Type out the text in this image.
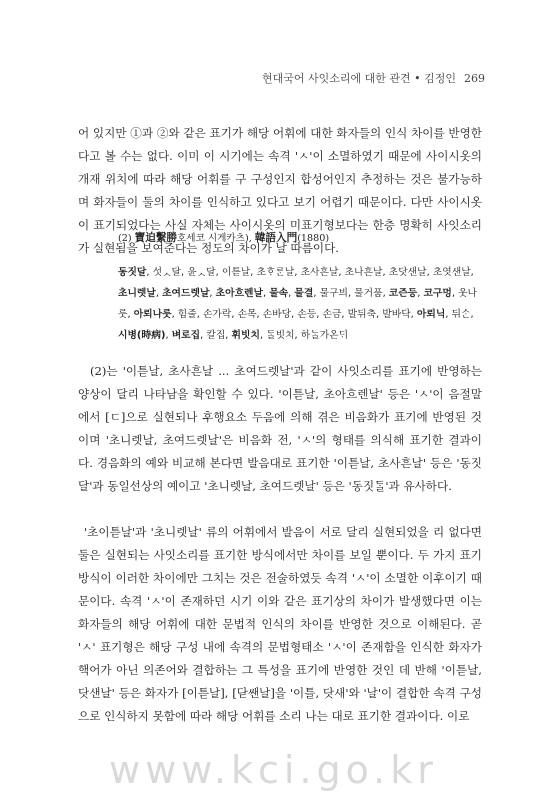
현대국어 사잇소리에 대한 관견 • 김정인 269

어 있지만 ①과 ②와 같은 표기가 해당 어휘에 대한 화자들의 인식 차이를 반영한다고 볼 수는 없다. 이미 이 시기에는 속격 'ㅅ'이 소멸하였기 때문에 사이시옷의 개재 위치에 따라 해당 어휘를 구 구성인지 합성어인지 추정하는 것은 불가능하며 화자들이 둘의 차이를 인식하고 있다고 보기 어렵기 때문이다. 다만 사이시옷이 표기되었다는 사실 자체는 사이시옷의 미표기형보다는 한층 명확히 사잇소리가 실현됨을 보여준다는 정도의 차이가 날 따름이다.

(2) 寶迫繫勝호세코 시게카츠), 韓語入門(1880)

동짓달, 섯ᆺ달, 윤ᆺ달, 이튿날, 초ᄒᆞᄅᆞᆫ날, 초사흔날, 초나흔날, 초닷샌날, 초엿샌날, 초니렛날, 초여드렛날, 초아흐렌날, 물속, 물결, 물구븨, 물거품, 코즌등, 코구멍, 웃나룻, 아뢰나룻, 힘줄, 손가락, 손목, 손바당, 손등, 손금, 발뒤축, 발바닥, 아뢰닉, 뒤ᄉᆞᆫ, 시병(時病), 벼로집, 칼집, 휘빗치, ᄃᆞᆯ빗치, 하ᄂᆞᆯ가온ᄃᆡ

(2)는 '이튿날, 초사흔날 ... 초여드렛날'과 같이 사잇소리를 표기에 반영하는 양상이 달리 나타남을 확인할 수 있다. '이튿날, 초아흐렌날' 등은 'ㅅ'이 음절말에서 [ㄷ]으로 실현되나 후행요소 두음에 의해 겪은 비음화가 표기에 반영된 것이며 '초니렛날, 초여드렛날'은 비음화 전, 'ㅅ'의 형태를 의식해 표기한 결과이다. 경음화의 예와 비교해 본다면 발음대로 표기한 '이튿날, 초사흔날' 등은 '동짓달'과 동일선상의 예이고 '초니렛날, 초여드렛날' 등은 '동짓ᄃᆞᆯ'과 유사하다.

'초이튿날'과 '초니렛날' 류의 어휘에서 발음이 서로 달리 실현되었을 리 없다면 둘은 실현되는 사잇소리를 표기한 방식에서만 차이를 보일 뿐이다. 두 가지 표기 방식이 이러한 차이에만 그치는 것은 전술하였듯 속격 'ㅅ'이 소멸한 이후이기 때문이다. 속격 'ㅅ'이 존재하던 시기 이와 같은 표기상의 차이가 발생했다면 이는 화자들의 해당 어휘에 대한 문법적 인식의 차이를 반영한 것으로 이해된다. 곧 'ㅅ' 표기형은 해당 구성 내에 속격의 문법형태소 'ㅅ'이 존재함을 인식한 화자가 핵어가 아닌 의존어와 결합하는 그 특성을 표기에 반영한 것인 데 반해 '이튿날, 닷샌날' 등은 화자가 [이튿날], [닫쌘날]을 '이틀, 닷새'와 '날'이 결합한 속격 구성으로 인식하지 못함에 따라 해당 어휘를 소리 나는 대로 표기한 결과이다. 이로

www.kci.go.kr
